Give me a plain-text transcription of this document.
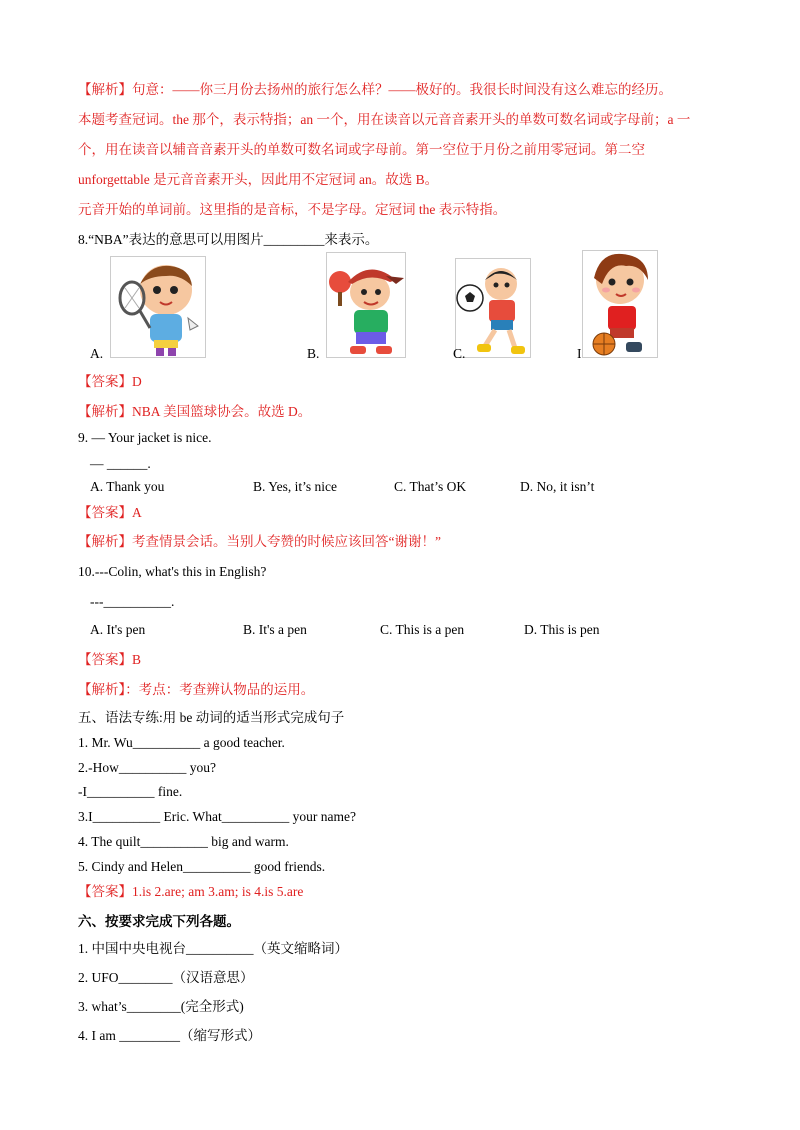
【解析】句意：——你三月份去扬州的旅行怎么样？——极好的。我很长时间没有这么难忘的经历。
本题考查冠词。the 那个，表示特指；an 一个，用在读音以元音音素开头的单数可数名词或字母前；a 一
个，用在读音以辅音音素开头的单数可数名词或字母前。第一空位于月份之前用零冠词。第二空
unforgettable 是元音音素开头，因此用不定冠词 an。故选 B。
元音开始的单词前。这里指的是音标，不是字母。定冠词 the 表示特指。
8.“NBA”表达的意思可以用图片_________来表示。
A.	B.	C.	I
【答案】D
【解析】NBA 美国篮球协会。故选 D。
9. — Your jacket is nice.
— ______.
A. Thank you	B. Yes, it’s nice	C. That’s OK	D. No, it isn’t
【答案】A
【解析】考查情景会话。当别人夸赞的时候应该回答“谢谢！”
10.---Colin, what's this in English?
---__________.
A. It's pen	B. It's a pen	C. This is a pen	D. This is pen
【答案】B
【解析】：考点：考查辨认物品的运用。
五、语法专练:用 be 动词的适当形式完成句子
1. Mr. Wu__________ a good teacher.
2.-How__________ you?
-I__________ fine.
3.I__________ Eric. What__________ your name?
4. The quilt__________ big and warm.
5. Cindy and Helen__________ good friends.
【答案】1.is 2.are; am 3.am; is 4.is 5.are
六、按要求完成下列各题。
1. 中国中央电视台__________（英文缩略词）
2. UFO________（汉语意思）
3. what’s________(完全形式)
4. I am _________（缩写形式）
